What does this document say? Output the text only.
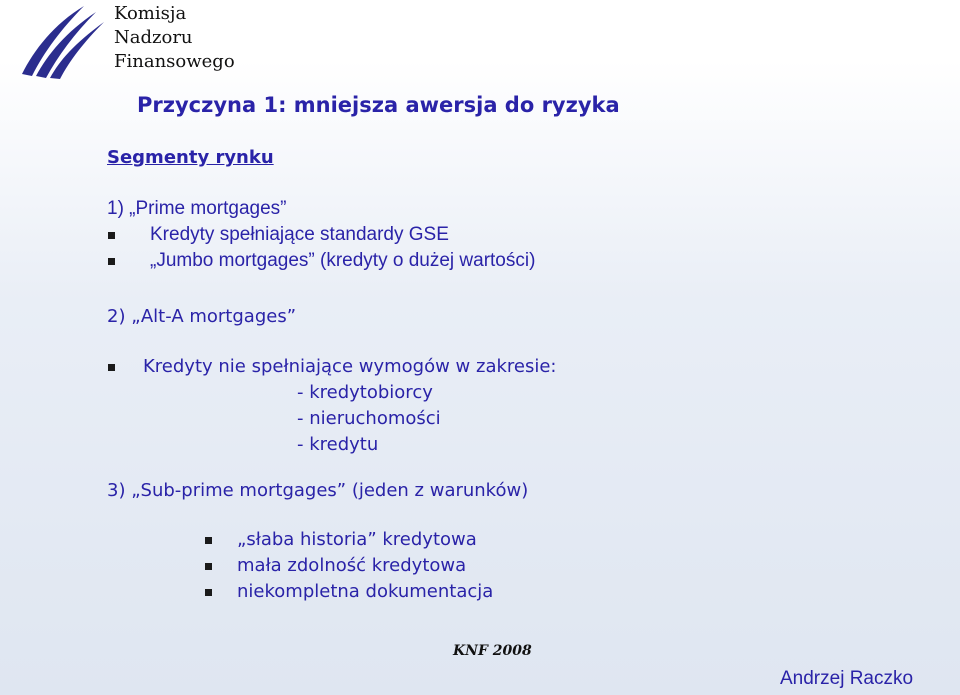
Komisja
Nadzoru
Finansowego
Przyczyna 1: mniejsza awersja do ryzyka
Segmenty rynku
1) „Prime mortgages”
Kredyty spełniające standardy GSE
„Jumbo mortgages” (kredyty o dużej wartości)
2) „Alt-A mortgages”
Kredyty nie spełniające wymogów w zakresie:
- kredytobiorcy
- nieruchomości
- kredytu
3) „Sub-prime mortgages” (jeden z warunków)
„słaba historia” kredytowa
mała zdolność kredytowa
niekompletna dokumentacja
KNF 2008
Andrzej Raczko
